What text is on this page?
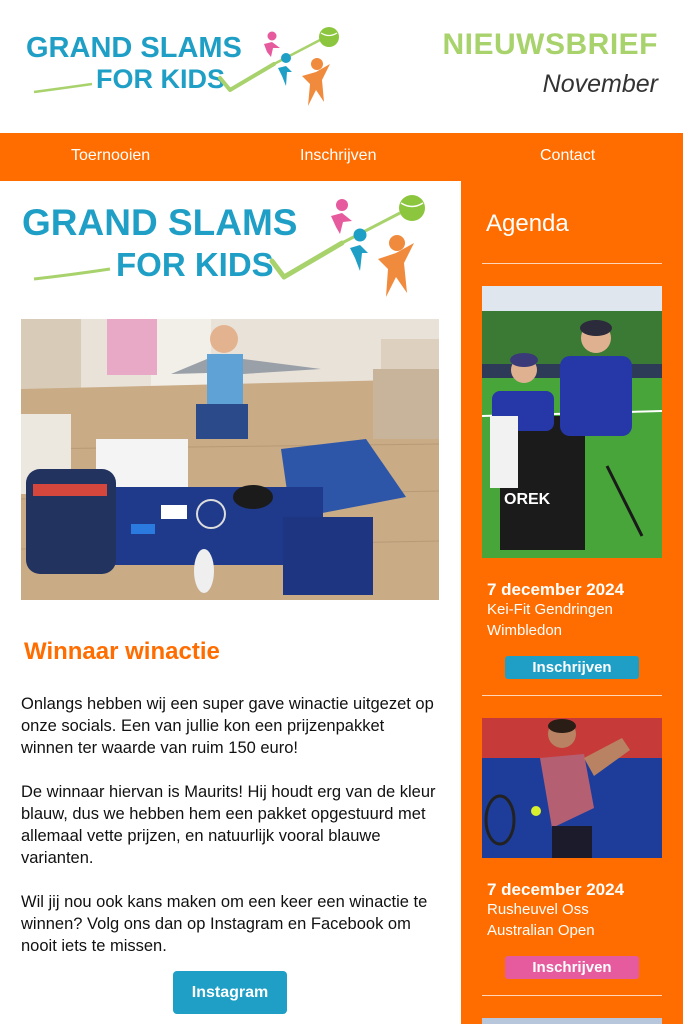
GRAND SLAMS
FOR KIDS
NIEUWSBRIEF
November
Toernooien	Inschrijven	Contact
GRAND SLAMS
FOR KIDS
Winnaar winactie

Onlangs hebben wij een super gave winactie uitgezet op onze socials. Een van jullie kon een prijzenpakket winnen ter waarde van ruim 150 euro!

De winnaar hiervan is Maurits! Hij houdt erg van de kleur blauw, dus we hebben hem een pakket opgestuurd met allemaal vette prijzen, en natuurlijk vooral blauwe varianten.

Wil jij nou ook kans maken om een keer een winactie te winnen? Volg ons dan op Instagram en Facebook om nooit iets te missen.

Instagram
Agenda
OREK
7 december 2024
Kei-Fit Gendringen
Wimbledon
Inschrijven
7 december 2024
Rusheuvel Oss
Australian Open
Inschrijven
